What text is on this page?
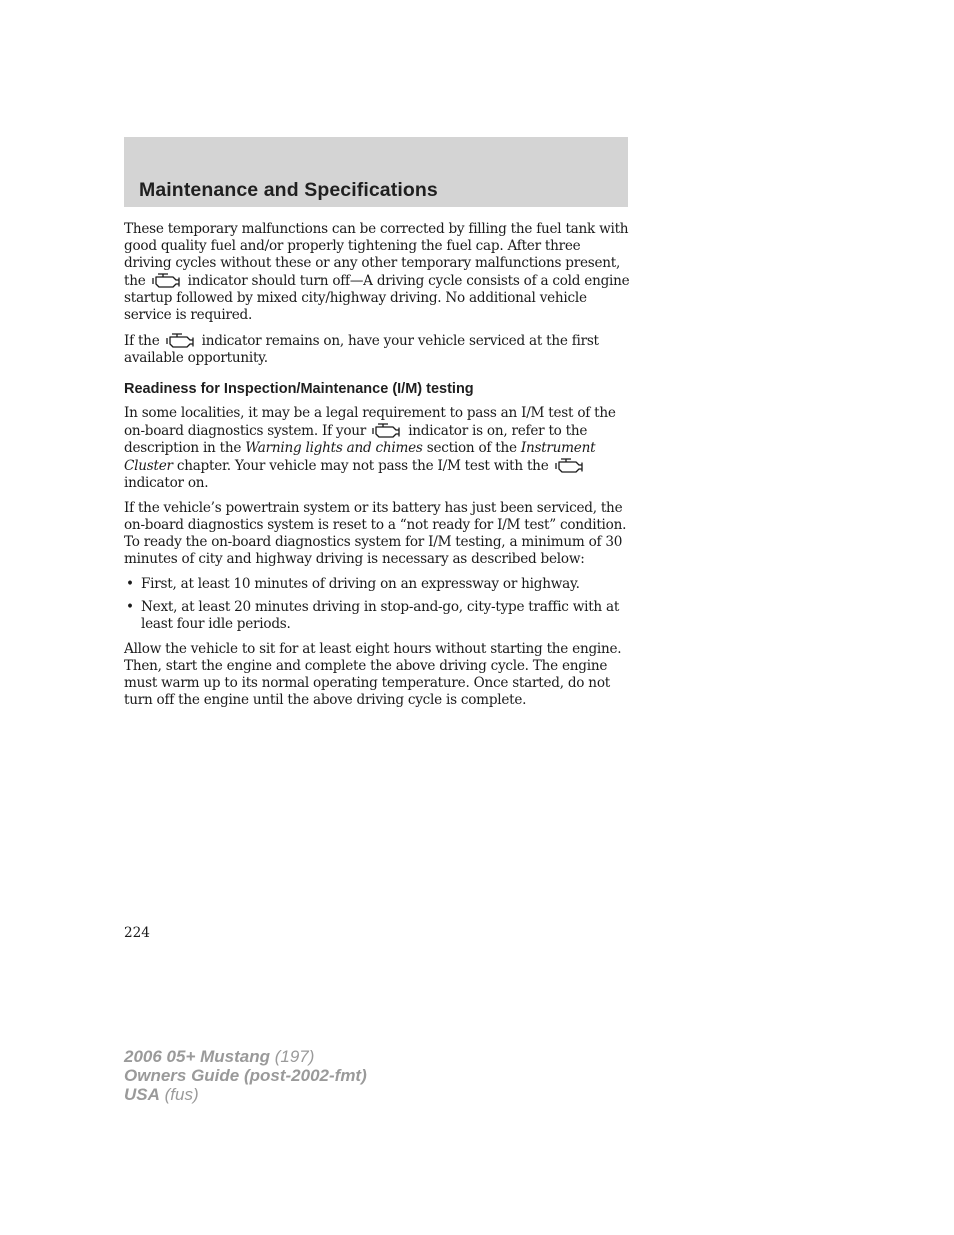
Maintenance and Specifications

These temporary malfunctions can be corrected by filling the fuel tank with good quality fuel and/or properly tightening the fuel cap. After three driving cycles without these or any other temporary malfunctions present, the	indicator should turn off—A driving cycle consists of a cold engine startup followed by mixed city/highway driving. No additional vehicle service is required.

If the	indicator remains on, have your vehicle serviced at the first available opportunity.

Readiness for Inspection/Maintenance (I/M) testing

In some localities, it may be a legal requirement to pass an I/M test of the on-board diagnostics system. If your	indicator is on, refer to the description in the Warning lights and chimes section of the Instrument Cluster chapter. Your vehicle may not pass the I/M test with the
indicator on.

If the vehicle’s powertrain system or its battery has just been serviced, the on-board diagnostics system is reset to a “not ready for I/M test” condition. To ready the on-board diagnostics system for I/M testing, a minimum of 30 minutes of city and highway driving is necessary as described below:

• First, at least 10 minutes of driving on an expressway or highway.
• Next, at least 20 minutes driving in stop-and-go, city-type traffic with at least four idle periods.

Allow the vehicle to sit for at least eight hours without starting the engine. Then, start the engine and complete the above driving cycle. The engine must warm up to its normal operating temperature. Once started, do not turn off the engine until the above driving cycle is complete.

224
2006 05+ Mustang (197)
Owners Guide (post-2002-fmt)
USA (fus)
